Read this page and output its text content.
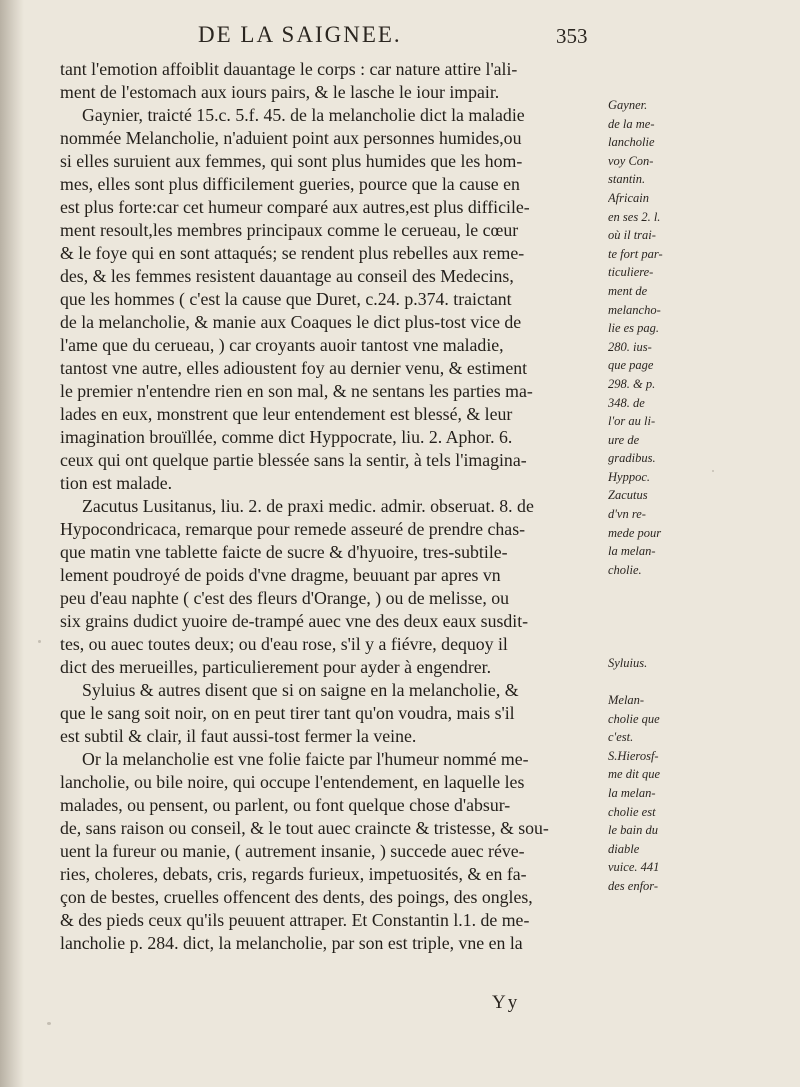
DE LA SAIGNEE.	353
tant l'emotion affoiblit dauantage le corps : car nature attire l'ali-
ment de l'estomach aux iours pairs, & le lasche le iour impair.
Gaynier, traicté 15.c. 5.f. 45. de la melancholie dict la maladie
nommée Melancholie, n'aduient point aux personnes humides,ou
si elles suruient aux femmes, qui sont plus humides que les hom-
mes, elles sont plus difficilement gueries, pource que la cause en
est plus forte:car cet humeur comparé aux autres,est plus difficile-
ment resoult,les membres principaux comme le cerueau, le cœur
& le foye qui en sont attaqués; se rendent plus rebelles aux reme-
des, & les femmes resistent dauantage au conseil des Medecins,
que les hommes ( c'est la cause que Duret, c.24. p.374. traictant
de la melancholie, & manie aux Coaques le dict plus-tost vice de
l'ame que du cerueau, ) car croyants auoir tantost vne maladie,
tantost vne autre, elles adioustent foy au dernier venu, & estiment
le premier n'entendre rien en son mal, & ne sentans les parties ma-
lades en eux, monstrent que leur entendement est blessé, & leur
imagination brouïllée, comme dict Hyppocrate, liu. 2. Aphor. 6.
ceux qui ont quelque partie blessée sans la sentir, à tels l'imagina-
tion est malade.
Zacutus Lusitanus, liu. 2. de praxi medic. admir. obseruat. 8. de
Hypocondricaca, remarque pour remede asseuré de prendre chas-
que matin vne tablette faicte de sucre & d'hyuoire, tres-subtile-
lement poudroyé de poids d'vne dragme, beuuant par apres vn
peu d'eau naphte ( c'est des fleurs d'Orange, ) ou de melisse, ou
six grains dudict yuoire de-trampé auec vne des deux eaux susdit-
tes, ou auec toutes deux; ou d'eau rose, s'il y a fiévre, dequoy il
dict des merueilles, particulierement pour ayder à engendrer.
Syluius & autres disent que si on saigne en la melancholie, &
que le sang soit noir, on en peut tirer tant qu'on voudra, mais s'il
est subtil & clair, il faut aussi-tost fermer la veine.
Or la melancholie est vne folie faicte par l'humeur nommé me-
lancholie, ou bile noire, qui occupe l'entendement, en laquelle les
malades, ou pensent, ou parlent, ou font quelque chose d'absur-
de, sans raison ou conseil, & le tout auec craincte & tristesse, & sou-
uent la fureur ou manie, ( autrement insanie, ) succede auec réve-
ries, choleres, debats, cris, regards furieux, impetuosités, & en fa-
çon de bestes, cruelles offencent des dents, des poings, des ongles,
& des pieds ceux qu'ils peuuent attraper. Et Constantin l.1. de me-
lancholie p. 284. dict, la melancholie, par son est triple, vne en la
Gayner.
de la me-
lancholie
voy Con-
stantin.
Africain
en ses 2. l.
où il trai-
te fort par-
ticuliere-
ment de
melancho-
lie es pag.
280. ius-
que page
298. & p.
348. de
l'or au li-
ure de
gradibus.
Hyppoc.
Zacutus
d'vn re-
mede pour
la melan-
cholie.
Syluius.
Melan-
cholie que
c'est.
S.Hierosf-
me dit que
la melan-
cholie est
le bain du
diable
vuice. 441
des enfor-
Yy
